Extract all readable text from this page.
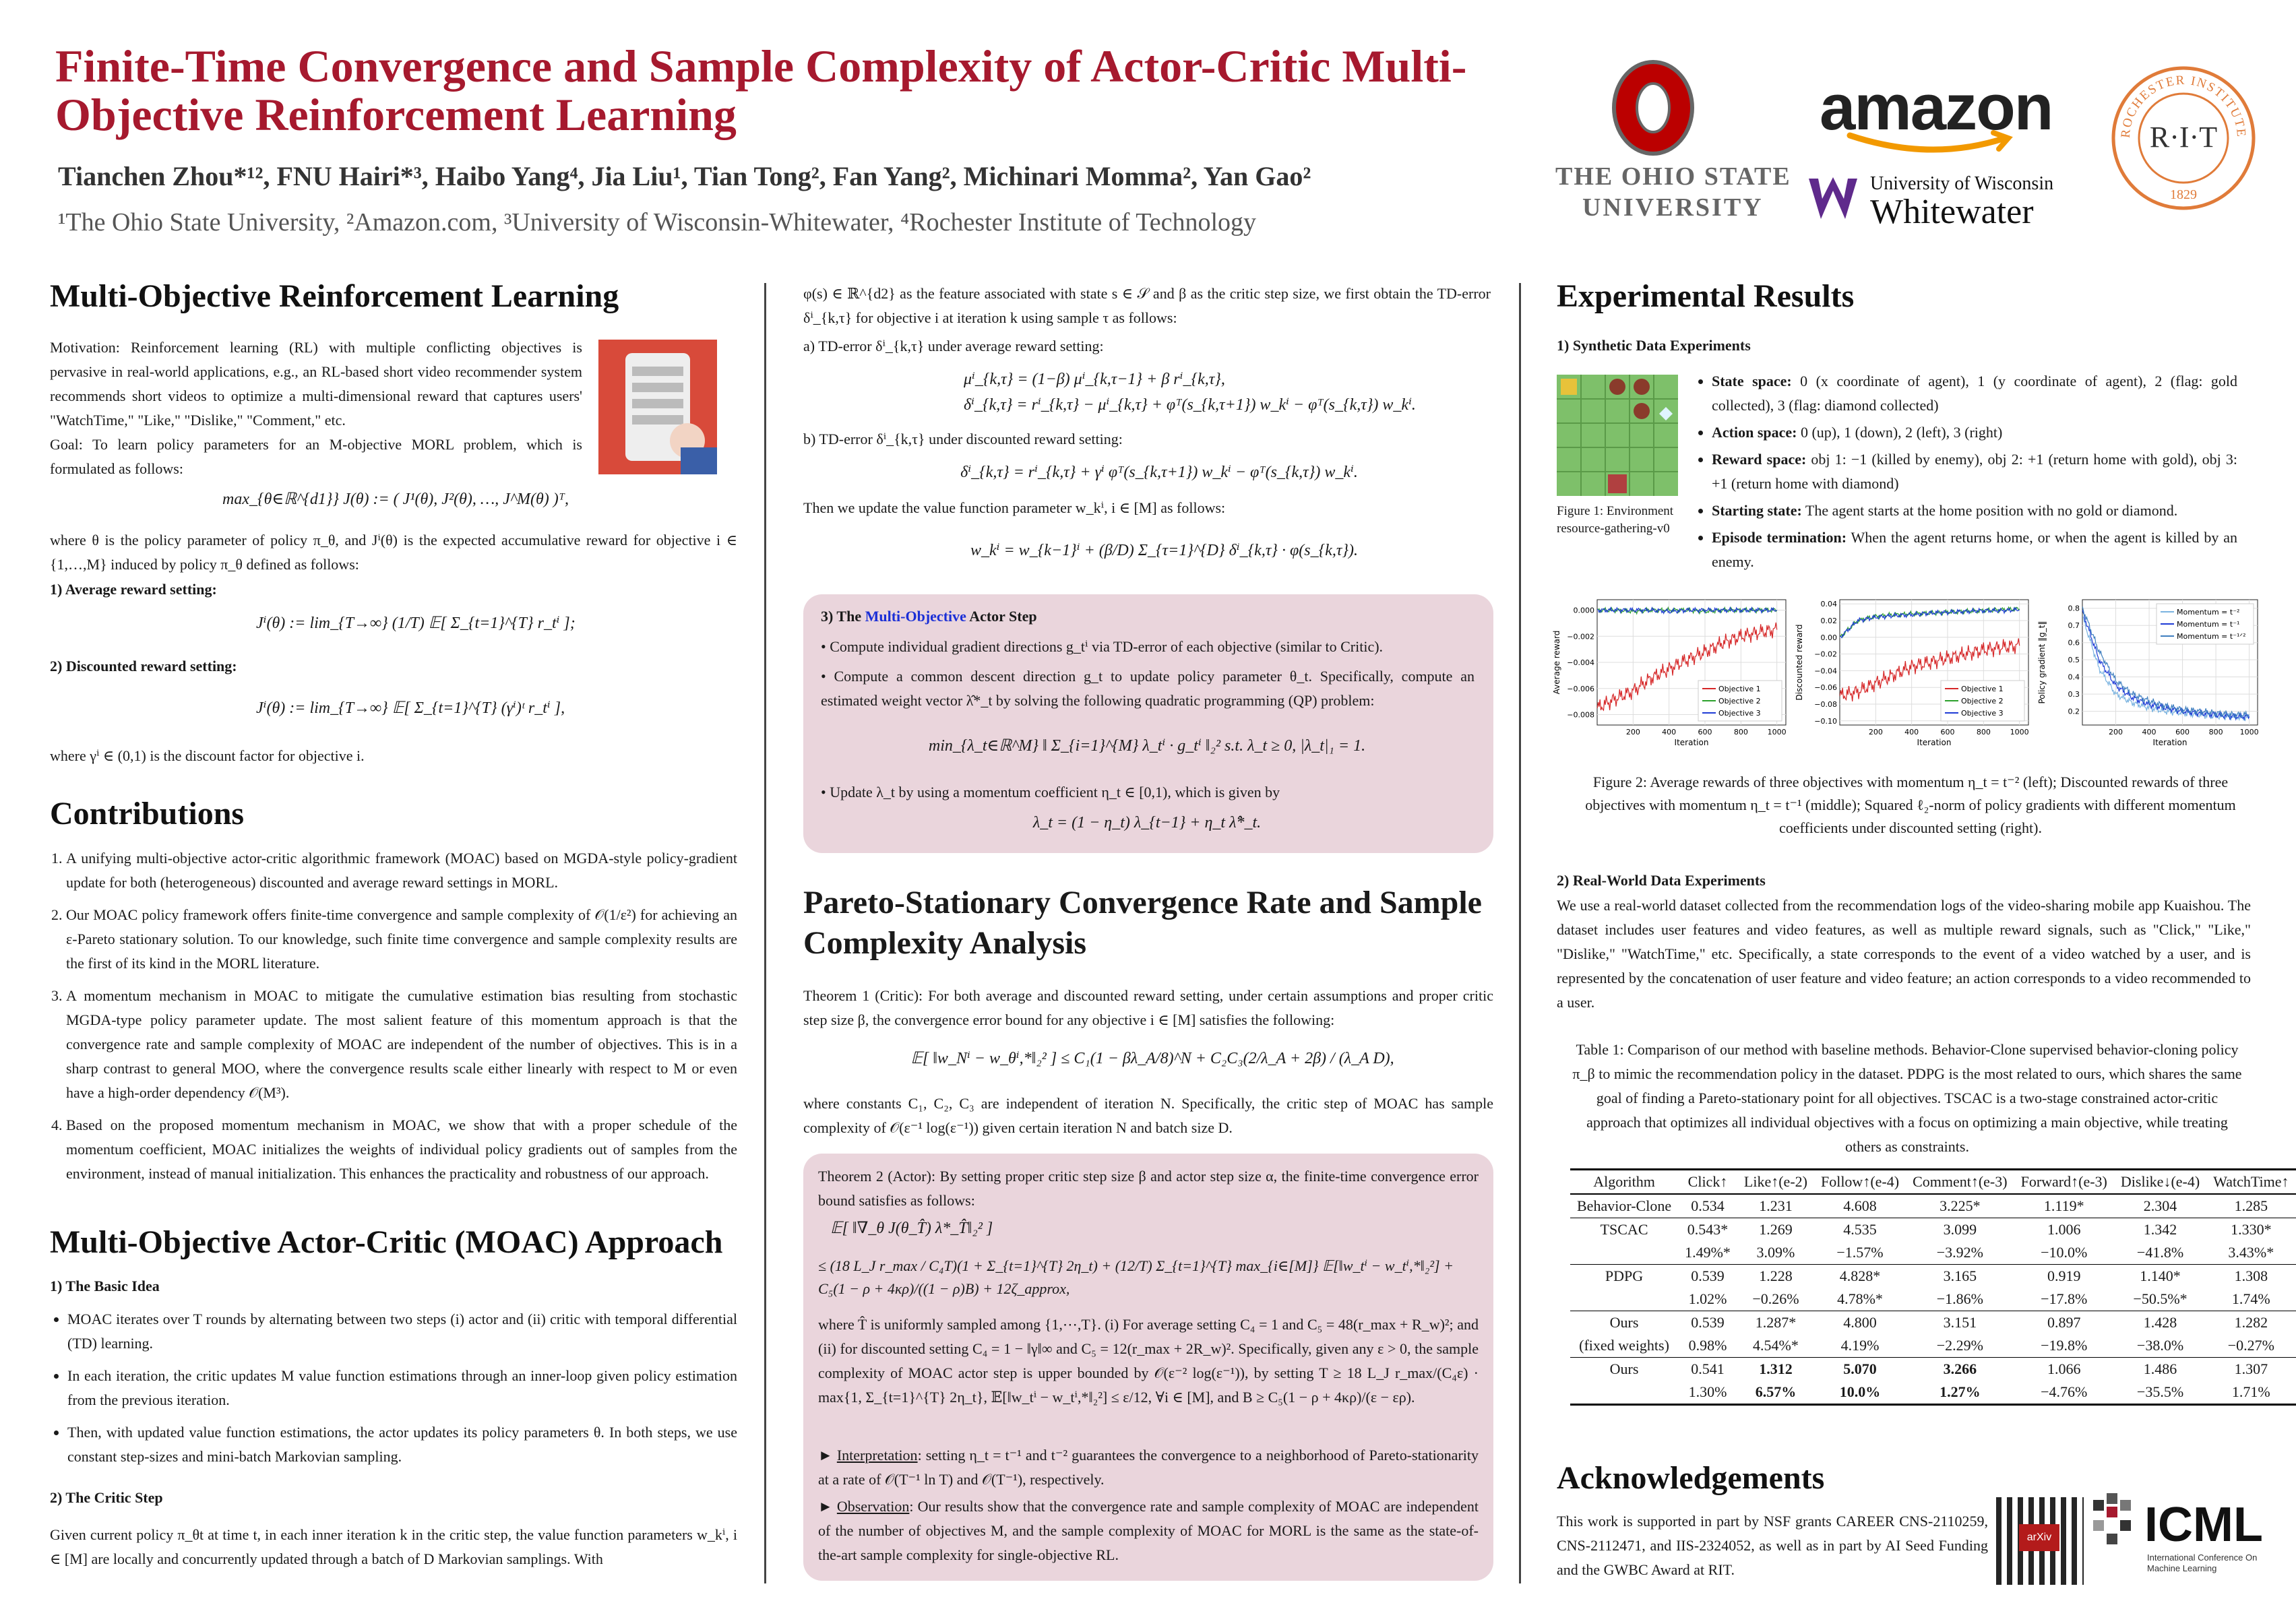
Finite-Time Convergence and Sample Complexity of Actor-Critic Multi-Objective Reinforcement Learning
Tianchen Zhou*¹², FNU Hairi*³, Haibo Yang⁴, Jia Liu¹, Tian Tong², Fan Yang², Michinari Momma², Yan Gao²
¹The Ohio State University, ²Amazon.com, ³University of Wisconsin-Whitewater, ⁴Rochester Institute of Technology
THE OHIO STATE
UNIVERSITY
amazon
University of Wisconsin
Whitewater
ROCHESTER INSTITUTE
R·I·T
1829
Multi-Objective Reinforcement Learning
Motivation: Reinforcement learning (RL) with multiple conflicting objectives is pervasive in real-world applications, e.g., an RL-based short video recommender system recommends short videos to optimize a multi-dimensional reward that captures users' "WatchTime," "Like," "Dislike," "Comment," etc.
Goal: To learn policy parameters for an M-objective MORL problem, which is formulated as follows:
max_{θ∈ℝ^{d1}} J(θ) := ( J¹(θ), J²(θ), …, J^M(θ) )ᵀ,
where θ is the policy parameter of policy π_θ, and Jⁱ(θ) is the expected accumulative reward for objective i ∈ {1,…,M} induced by policy π_θ defined as follows:
1) Average reward setting:
Jⁱ(θ) := lim_{T→∞} (1/T) 𝔼[ Σ_{t=1}^{T} r_tⁱ ];
2) Discounted reward setting:
Jⁱ(θ) := lim_{T→∞} 𝔼[ Σ_{t=1}^{T} (γⁱ)ᵗ r_tⁱ ],
where γⁱ ∈ (0,1) is the discount factor for objective i.
Contributions
1. A unifying multi-objective actor-critic algorithmic framework (MOAC) based on MGDA-style policy-gradient update for both (heterogeneous) discounted and average reward settings in MORL.
2. Our MOAC policy framework offers finite-time convergence and sample complexity of 𝒪(1/ε²) for achieving an ε-Pareto stationary solution. To our knowledge, such finite time convergence and sample complexity results are the first of its kind in the MORL literature.
3. A momentum mechanism in MOAC to mitigate the cumulative estimation bias resulting from stochastic MGDA-type policy parameter update. The most salient feature of this momentum approach is that the convergence rate and sample complexity of MOAC are independent of the number of objectives. This is in a sharp contrast to general MOO, where the convergence results scale either linearly with respect to M or even have a high-order dependency 𝒪(M³).
4. Based on the proposed momentum mechanism in MOAC, we show that with a proper schedule of the momentum coefficient, MOAC initializes the weights of individual policy gradients out of samples from the environment, instead of manual initialization. This enhances the practicality and robustness of our approach.
Multi-Objective Actor-Critic (MOAC) Approach
1) The Basic Idea
• MOAC iterates over T rounds by alternating between two steps (i) actor and (ii) critic with temporal differential (TD) learning.
• In each iteration, the critic updates M value function estimations through an inner-loop given policy estimation from the previous iteration.
• Then, with updated value function estimations, the actor updates its policy parameters θ. In both steps, we use constant step-sizes and mini-batch Markovian sampling.
2) The Critic Step
Given current policy π_θt at time t, in each inner iteration k in the critic step, the value function parameters w_kⁱ, i ∈ [M] are locally and concurrently updated through a batch of D Markovian samplings. With
φ(s) ∈ ℝ^{d2} as the feature associated with state s ∈ 𝒮 and β as the critic step size, we first obtain the TD-error δⁱ_{k,τ} for objective i at iteration k using sample τ as follows:
a) TD-error δⁱ_{k,τ} under average reward setting:
μⁱ_{k,τ} = (1−β) μⁱ_{k,τ−1} + β rⁱ_{k,τ},
δⁱ_{k,τ} = rⁱ_{k,τ} − μⁱ_{k,τ} + φᵀ(s_{k,τ+1}) w_kⁱ − φᵀ(s_{k,τ}) w_kⁱ.
b) TD-error δⁱ_{k,τ} under discounted reward setting:
δⁱ_{k,τ} = rⁱ_{k,τ} + γⁱ φᵀ(s_{k,τ+1}) w_kⁱ − φᵀ(s_{k,τ}) w_kⁱ.
Then we update the value function parameter w_kⁱ, i ∈ [M] as follows:
w_kⁱ = w_{k−1}ⁱ + (β/D) Σ_{τ=1}^{D} δⁱ_{k,τ} · φ(s_{k,τ}).
3) The Multi-Objective Actor Step
• Compute individual gradient directions g_tⁱ via TD-error of each objective (similar to Critic).
• Compute a common descent direction g_t to update policy parameter θ_t. Specifically, compute an estimated weight vector λ̂*_t by solving the following quadratic programming (QP) problem:
min_{λ_t∈ℝ^M} ‖ Σ_{i=1}^{M} λ_tⁱ · g_tⁱ ‖₂² s.t. λ_t ≥ 0, |λ_t|₁ = 1.
• Update λ_t by using a momentum coefficient η_t ∈ [0,1), which is given by
λ_t = (1 − η_t) λ_{t−1} + η_t λ̂*_t.
Pareto-Stationary Convergence Rate and Sample Complexity Analysis
Theorem 1 (Critic): For both average and discounted reward setting, under certain assumptions and proper critic step size β, the convergence error bound for any objective i ∈ [M] satisfies the following:
𝔼[ ‖w_Nⁱ − w_θⁱ,*‖₂² ] ≤ C₁(1 − βλ_A/8)^N + C₂C₃(2/λ_A + 2β) / (λ_A D),
where constants C₁, C₂, C₃ are independent of iteration N. Specifically, the critic step of MOAC has sample complexity of 𝒪(ε⁻¹ log(ε⁻¹)) given certain iteration N and batch size D.
Theorem 2 (Actor): By setting proper critic step size β and actor step size α, the finite-time convergence error bound satisfies as follows:
𝔼[ ‖∇_θ J(θ_T̂) λ*_T̂‖₂² ]
≤ (18 L_J r_max / C₄T)(1 + Σ_{t=1}^{T} 2η_t) + (12/T) Σ_{t=1}^{T} max_{i∈[M]} 𝔼[‖w_tⁱ − w_tⁱ,*‖₂²] + C₅(1 − ρ + 4κρ)/((1 − ρ)B) + 12ζ_approx,
where T̂ is uniformly sampled among {1,⋯,T}. (i) For average setting C₄ = 1 and C₅ = 48(r_max + R_w)²; and (ii) for discounted setting C₄ = 1 − ‖γ‖∞ and C₅ = 12(r_max + 2R_w)². Specifically, given any ε > 0, the sample complexity of MOAC actor step is upper bounded by 𝒪(ε⁻² log(ε⁻¹)), by setting T ≥ 18 L_J r_max/(C₄ε) · max{1, Σ_{t=1}^{T} 2η_t}, 𝔼[‖w_tⁱ − w_tⁱ,*‖₂²] ≤ ε/12, ∀i ∈ [M], and B ≥ C₅(1 − ρ + 4κρ)/(ε − ερ).
► Interpretation: setting η_t = t⁻¹ and t⁻² guarantees the convergence to a neighborhood of Pareto-stationarity at a rate of 𝒪(T⁻¹ ln T) and 𝒪(T⁻¹), respectively.
► Observation: Our results show that the convergence rate and sample complexity of MOAC are independent of the number of objectives M, and the sample complexity of MOAC for MORL is the same as the state-of-the-art sample complexity for single-objective RL.
Experimental Results
1) Synthetic Data Experiments
Figure 1: Environment resource-gathering-v0
• State space: 0 (x coordinate of agent), 1 (y coordinate of agent), 2 (flag: gold collected), 3 (flag: diamond collected)
• Action space: 0 (up), 1 (down), 2 (left), 3 (right)
• Reward space: obj 1: −1 (killed by enemy), obj 2: +1 (return home with gold), obj 3: +1 (return home with diamond)
• Starting state: The agent starts at the home position with no gold or diamond.
• Episode termination: When the agent returns home, or when the agent is killed by an enemy.
0.000
−0.002
−0.004
−0.006
−0.008
200	400	600	800	1000
Iteration
Average reward	Objective 1
Objective 2
Objective 3
0.04
0.02
0.00
−0.02
−0.04
−0.06
−0.08
−0.10
200	400	600	800	1000
Iteration
Discounted reward	Objective 1
Objective 2
Objective 3
0.8
0.7
0.6
0.5
0.4
0.3
0.2
200	400	600	800 1000
Iteration
Policy gradient ‖g_t‖
Momentum = t⁻²
Momentum = t⁻¹
Momentum = t⁻¹ᐟ²
Figure 2: Average rewards of three objectives with momentum η_t = t⁻² (left); Discounted rewards of three objectives with momentum η_t = t⁻¹ (middle); Squared ℓ₂-norm of policy gradients with different momentum coefficients under discounted setting (right).
2) Real-World Data Experiments
We use a real-world dataset collected from the recommendation logs of the video-sharing mobile app Kuaishou. The dataset includes user features and video features, as well as multiple reward signals, such as "Click," "Like," "Dislike," "WatchTime," etc. Specifically, a state corresponds to the event of a video watched by a user, and is represented by the concatenation of user feature and video feature; an action corresponds to a video recommended to a user.
Table 1: Comparison of our method with baseline methods. Behavior-Clone supervised behavior-cloning policy π_β to mimic the recommendation policy in the dataset. PDPG is the most related to ours, which shares the same goal of finding a Pareto-stationary point for all objectives. TSCAC is a two-stage constrained actor-critic approach that optimizes all individual objectives with a focus on optimizing a main objective, while treating others as constraints.
Algorithm	Click↑	Like↑(e-2)	Follow↑(e-4)	Comment↑(e-3)	Forward↑(e-3)	Dislike↓(e-4)	WatchTime↑
Behavior-Clone	0.534	1.231	4.608	3.225*	1.119*	2.304	1.285
TSCAC	0.543*	1.269	4.535	3.099	1.006	1.342	1.330*
	1.49%*	3.09%	−1.57%	−3.92%	−10.0%	−41.8%	3.43%*
PDPG	0.539	1.228	4.828*	3.165	0.919	1.140*	1.308
	1.02%	−0.26%	4.78%*	−1.86%	−17.8%	−50.5%*	1.74%
Ours	0.539	1.287*	4.800	3.151	0.897	1.428	1.282
(fixed weights)	0.98%	4.54%*	4.19%	−2.29%	−19.8%	−38.0%	−0.27%
Ours	0.541	1.312	5.070	3.266	1.066	1.486	1.307
	1.30%	6.57%	10.0%	1.27%	−4.76%	−35.5%	1.71%
Acknowledgements
This work is supported in part by NSF grants CAREER CNS-2110259, CNS-2112471, and IIS-2324052, as well as in part by AI Seed Funding and the GWBC Award at RIT.
arXiv ICML
International Conference On Machine Learning
